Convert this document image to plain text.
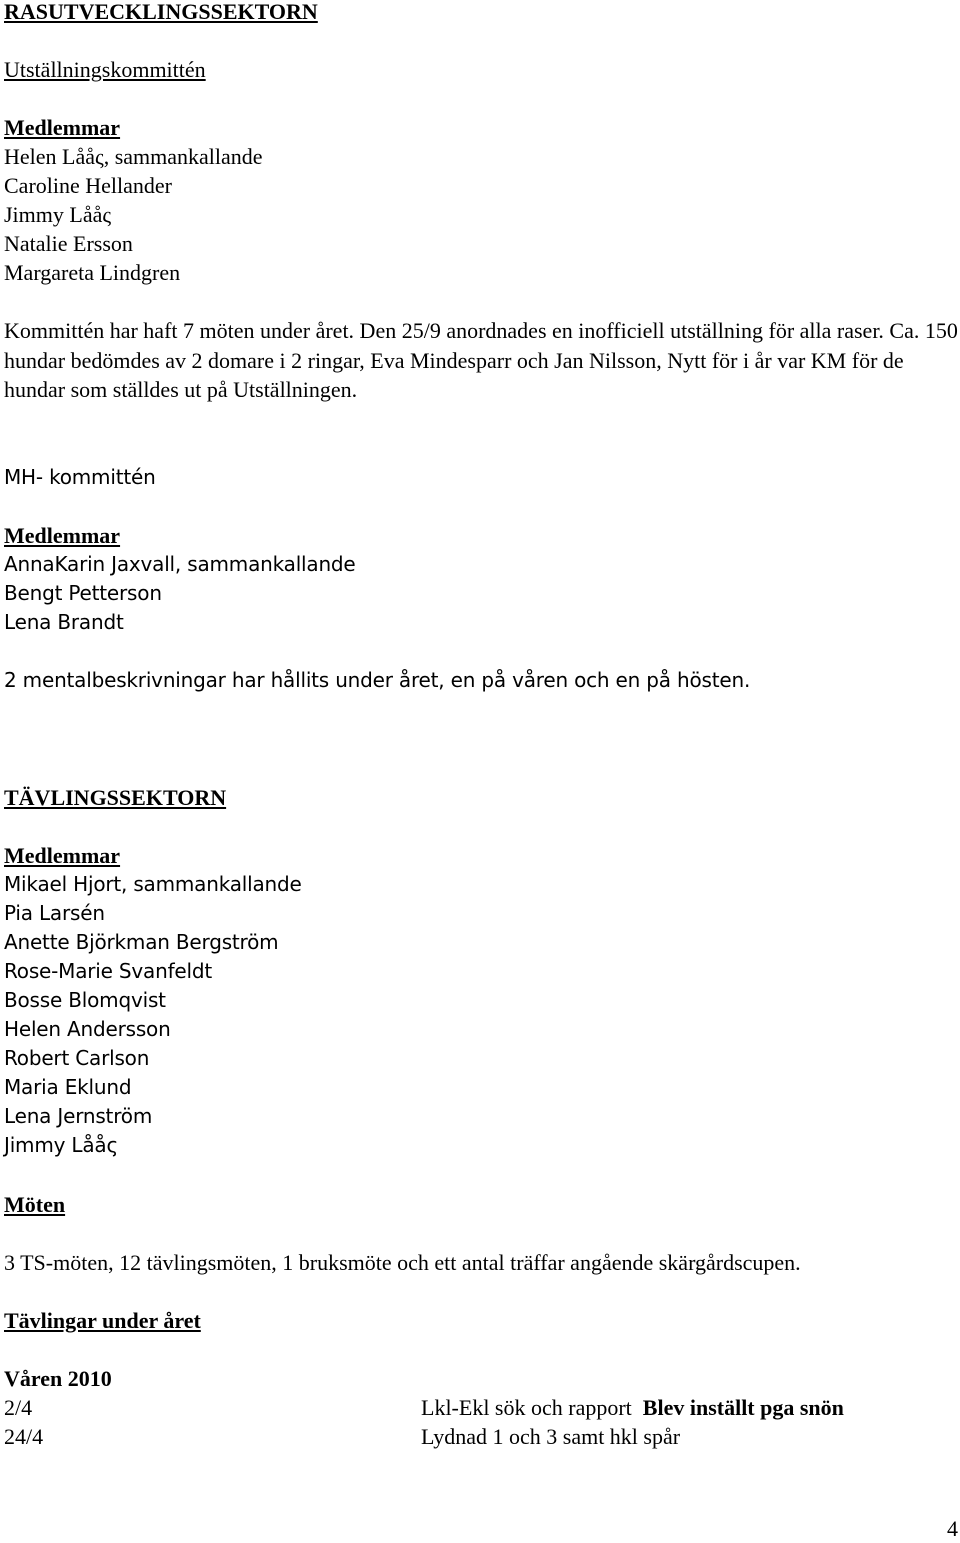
RASUTVECKLINGSSEKTORN
Utställningskommittén
Medlemmar
Helen Lååς, sammankallande
Caroline Hellander
Jimmy Lååς
Natalie Ersson
Margareta Lindgren
Kommittén har haft 7 möten under året. Den 25/9 anordnades en inofficiell utställning för alla raser. Ca. 150 hundar bedömdes av 2 domare i 2 ringar, Eva Mindesparr och Jan Nilsson, Nytt för i år var KM för de hundar som ställdes ut på Utställningen.
MH- kommittén
Medlemmar
AnnaKarin Jaxvall, sammankallande
Bengt Petterson
Lena Brandt
2 mentalbeskrivningar har hållits under året, en på våren och en på hösten.
TÄVLINGSSEKTORN
Medlemmar
Mikael Hjort, sammankallande
Pia Larsén
Anette Björkman Bergström
Rose-Marie Svanfeldt
Bosse Blomqvist
Helen Andersson
Robert Carlson
Maria Eklund
Lena Jernström
Jimmy Lååς
Möten
3 TS-möten, 12 tävlingsmöten, 1 bruksmöte och ett antal träffar angående skärgårdscupen.
Tävlingar under året
Våren 2010
2/4	Lkl-Ekl sök och rapport Blev inställt pga snön
24/4	Lydnad 1 och 3 samt hkl spår
4
